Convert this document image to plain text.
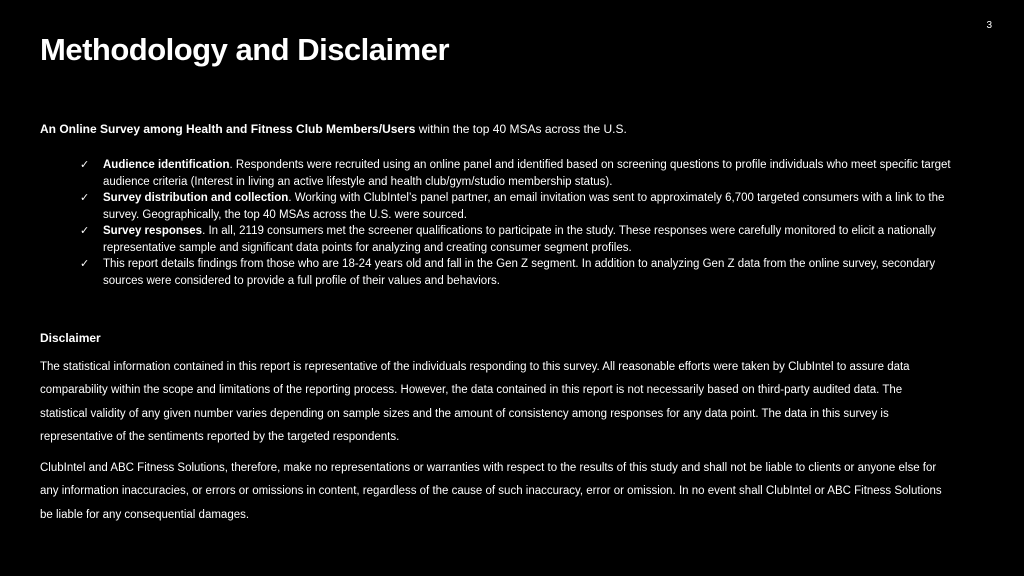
3
Methodology and Disclaimer

An Online Survey among Health and Fitness Club Members/Users within the top 40 MSAs across the U.S.

✓	Audience identification. Respondents were recruited using an online panel and identified based on screening questions to profile individuals who meet specific target audience criteria (Interest in living an active lifestyle and health club/gym/studio membership status).
✓	Survey distribution and collection. Working with ClubIntel’s panel partner, an email invitation was sent to approximately 6,700 targeted consumers with a link to the survey. Geographically, the top 40 MSAs across the U.S. were sourced.
✓	Survey responses. In all, 2119 consumers met the screener qualifications to participate in the study. These responses were carefully monitored to elicit a nationally representative sample and significant data points for analyzing and creating consumer segment profiles.
✓	This report details findings from those who are 18-24 years old and fall in the Gen Z segment. In addition to analyzing Gen Z data from the online survey, secondary sources were considered to provide a full profile of their values and behaviors.
Disclaimer

The statistical information contained in this report is representative of the individuals responding to this survey. All reasonable efforts were taken by ClubIntel to assure data comparability within the scope and limitations of the reporting process. However, the data contained in this report is not necessarily based on third-party audited data. The statistical validity of any given number varies depending on sample sizes and the amount of consistency among responses for any data point. The data in this survey is representative of the sentiments reported by the targeted respondents.

ClubIntel and ABC Fitness Solutions, therefore, make no representations or warranties with respect to the results of this study and shall not be liable to clients or anyone else for any information inaccuracies, or errors or omissions in content, regardless of the cause of such inaccuracy, error or omission. In no event shall ClubIntel or ABC Fitness Solutions be liable for any consequential damages.
